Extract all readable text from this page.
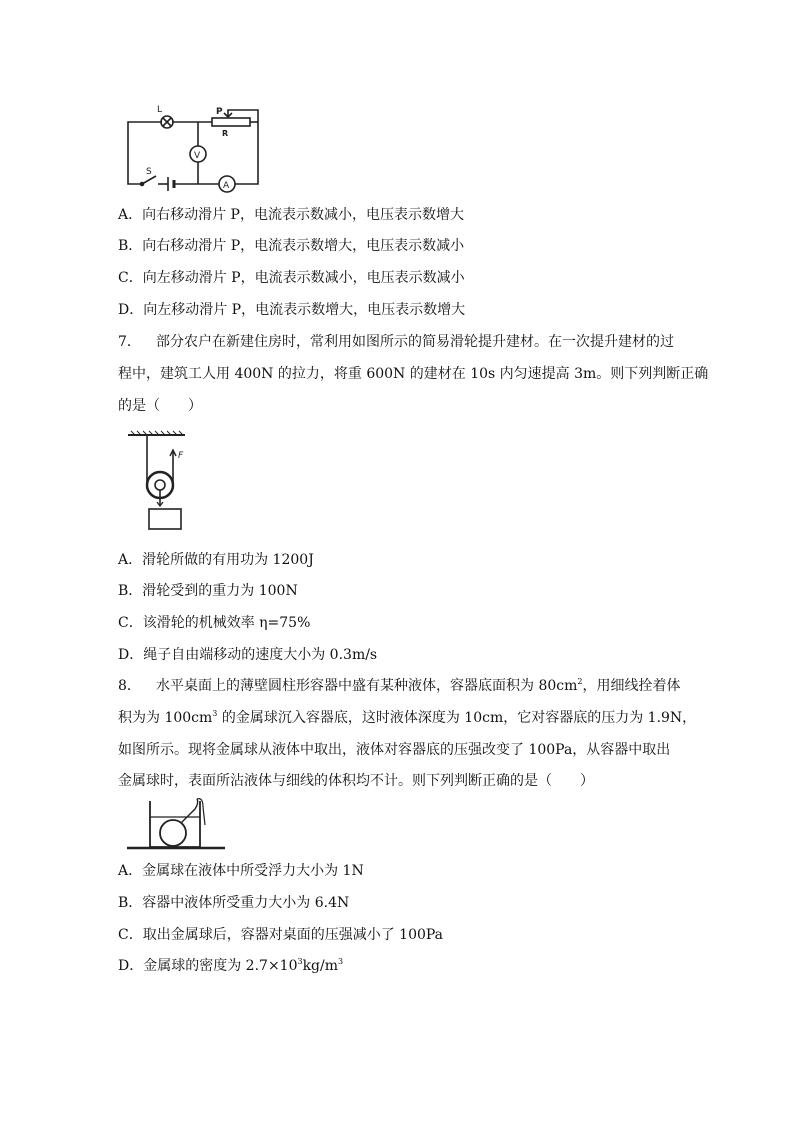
L	P
R
V
A
S
A．向右移动滑片 P，电流表示数减小，电压表示数增大
B．向右移动滑片 P，电流表示数增大，电压表示数减小
C．向左移动滑片 P，电流表示数减小，电压表示数减小
D．向左移动滑片 P，电流表示数增大，电压表示数增大
7． 部分农户在新建住房时，常利用如图所示的简易滑轮提升建材。在一次提升建材的过
程中，建筑工人用 400N 的拉力，将重 600N 的建材在 10s 内匀速提高 3m。则下列判断正确
的是（　　）
F
A．滑轮所做的有用功为 1200J
B．滑轮受到的重力为 100N
C．该滑轮的机械效率 η=75%
D．绳子自由端移动的速度大小为 0.3m/s
8． 水平桌面上的薄壁圆柱形容器中盛有某种液体，容器底面积为 $80cm^2$，用细线拴着体
积为为 $100cm^3$ 的金属球沉入容器底，这时液体深度为 10cm，它对容器底的压力为 1.9N，
如图所示。现将金属球从液体中取出，液体对容器底的压强改变了 100Pa，从容器中取出
金属球时，表面所沾液体与细线的体积均不计。则下列判断正确的是（　　）
A．金属球在液体中所受浮力大小为 1N
B．容器中液体所受重力大小为 6.4N
C．取出金属球后，容器对桌面的压强减小了 100Pa
D．金属球的密度为 $2.7\times 10^3kg/m^3$
